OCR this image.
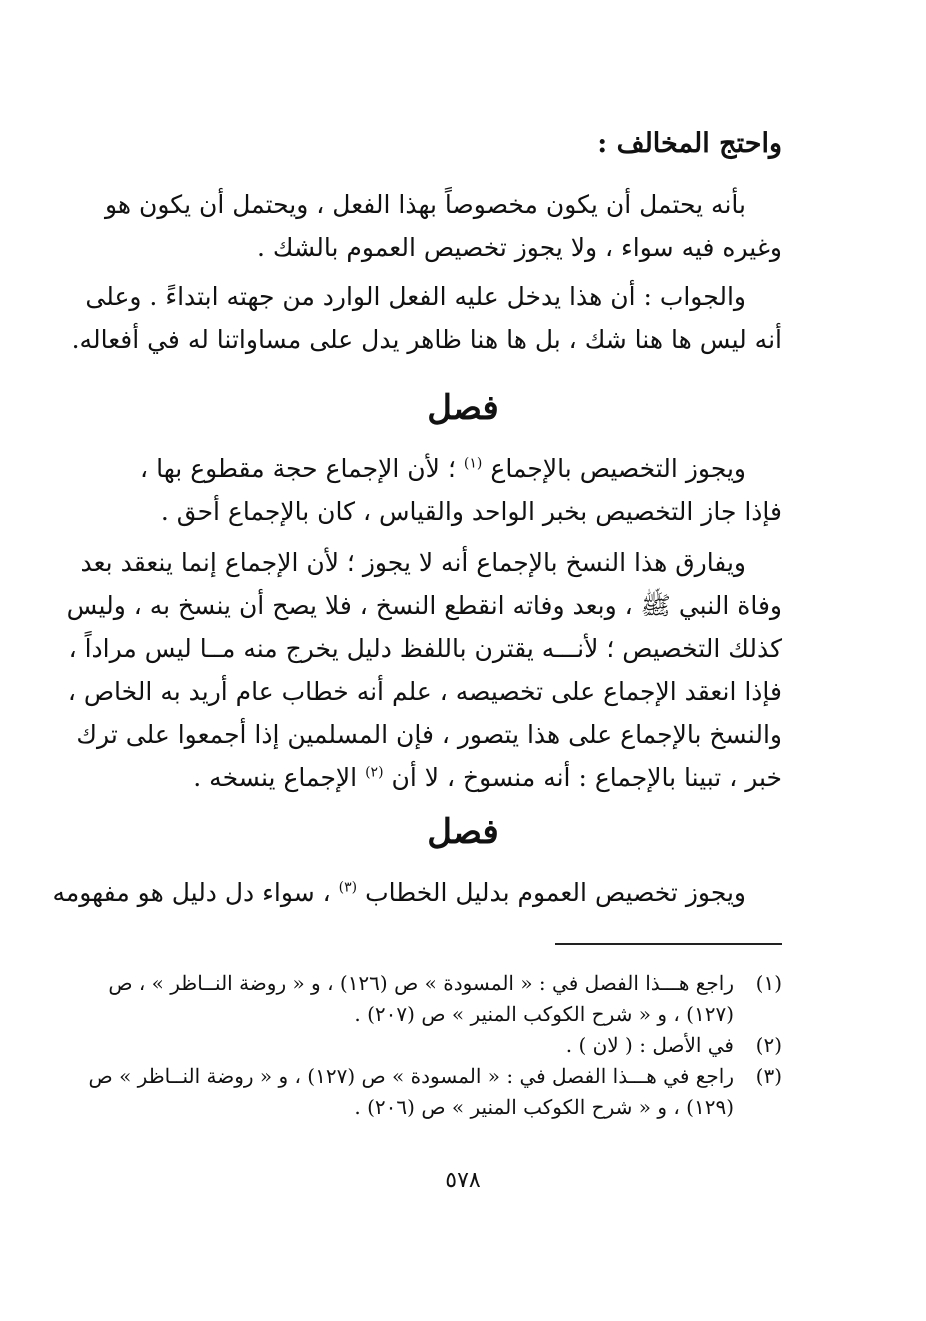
واحتج المخالف :
بأنه يحتمل أن يكون مخصوصاً بهذا الفعل ، ويحتمل أن يكون هو
وغيره فيه سواء ، ولا يجوز تخصيص العموم بالشك .
والجواب : أن هذا يدخل عليه الفعل الوارد من جهته ابتداءً . وعلى
أنه ليس ها هنا شك ، بل ها هنا ظاهر يدل على مساواتنا له في أفعاله.
فصل
ويجوز التخصيص بالإجماع $^{(١)}$ ؛ لأن الإجماع حجة مقطوع بها ،
فإذا جاز التخصيص بخبر الواحد والقياس ، كان بالإجماع أحق .
ويفارق هذا النسخ بالإجماع أنه لا يجوز ؛ لأن الإجماع إنما ينعقد بعد
وفاة النبي ﷺ ، وبعد وفاته انقطع النسخ ، فلا يصح أن ينسخ به ، وليس
كذلك التخصيص ؛ لأنـــه يقترن باللفظ دليل يخرج منه مــا ليس مراداً ،
فإذا انعقد الإجماع على تخصيصه ، علم أنه خطاب عام أريد به الخاص ،
والنسخ بالإجماع على هذا يتصور ، فإن المسلمين إذا أجمعوا على ترك
خبر ، تبينا بالإجماع : أنه منسوخ ، لا أن $^{(٢)}$ الإجماع ينسخه .
فصل
ويجوز تخصيص العموم بدليل الخطاب $^{(٣)}$ ، سواء دل دليل هو مفهومه
(١)
راجع هـــذا الفصل في : « المسودة » ص (١٢٦) ، و « روضة النــاظر » ، ص
(١٢٧) ، و « شرح الكوكب المنير » ص (٢٠٧) .
(٢)
في الأصل : ( لان ) .
(٣)
راجع في هـــذا الفصل في : « المسودة » ص (١٢٧) ، و « روضة النــاظر » ص
(١٢٩) ، و « شرح الكوكب المنير » ص (٢٠٦) .
٥٧٨
